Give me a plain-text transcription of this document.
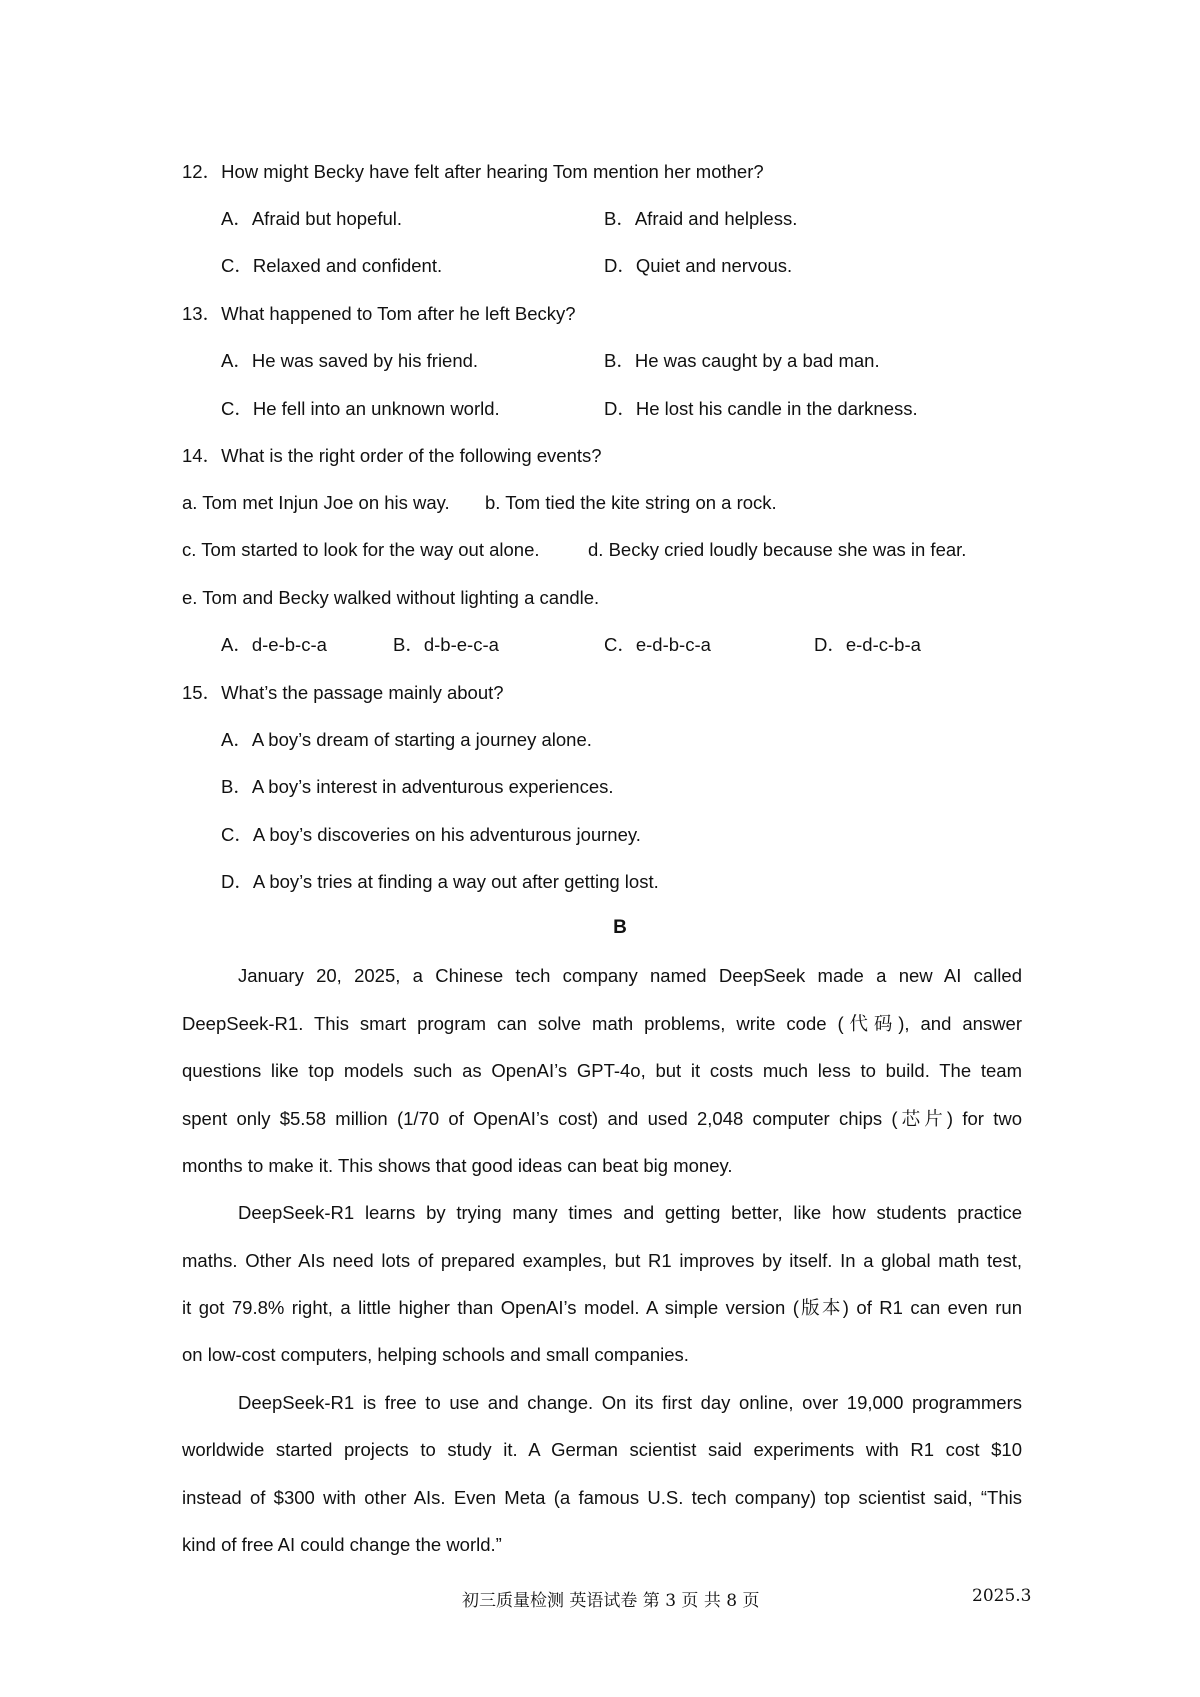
12．How might Becky have felt after hearing Tom mention her mother?
A．Afraid but hopeful.	B．Afraid and helpless.
C．Relaxed and confident.	D．Quiet and nervous.
13．What happened to Tom after he left Becky?
A．He was saved by his friend.	B．He was caught by a bad man.
C．He fell into an unknown world.	D．He lost his candle in the darkness.
14．What is the right order of the following events?
a. Tom met Injun Joe on his way. b. Tom tied the kite string on a rock.
c. Tom started to look for the way out alone.	d. Becky cried loudly because she was in fear.
e. Tom and Becky walked without lighting a candle.
A．d-e-b-c-a	B．d-b-e-c-a	C．e-d-b-c-a	D．e-d-c-b-a
15．What’s the passage mainly about?
A．A boy’s dream of starting a journey alone.
B．A boy’s interest in adventurous experiences.
C．A boy’s discoveries on his adventurous journey.
D．A boy’s tries at finding a way out after getting lost.
B
January 20, 2025, a Chinese tech company named DeepSeek made a new AI called
DeepSeek-R1. This smart program can solve math problems, write code (代码), and answer
questions like top models such as OpenAI’s GPT-4o, but it costs much less to build. The team
spent only $5.58 million (1/70 of OpenAI’s cost) and used 2,048 computer chips (芯片) for two
months to make it. This shows that good ideas can beat big money.
DeepSeek-R1 learns by trying many times and getting better, like how students practice
maths. Other AIs need lots of prepared examples, but R1 improves by itself. In a global math test,
it got 79.8% right, a little higher than OpenAI’s model. A simple version (版本) of R1 can even run
on low-cost computers, helping schools and small companies.
DeepSeek-R1 is free to use and change. On its first day online, over 19,000 programmers
worldwide started projects to study it. A German scientist said experiments with R1 cost $10
instead of $300 with other AIs. Even Meta (a famous U.S. tech company) top scientist said, “This
kind of free AI could change the world.”
初三质量检测 英语试卷 第 3 页 共 8 页	2025.3
